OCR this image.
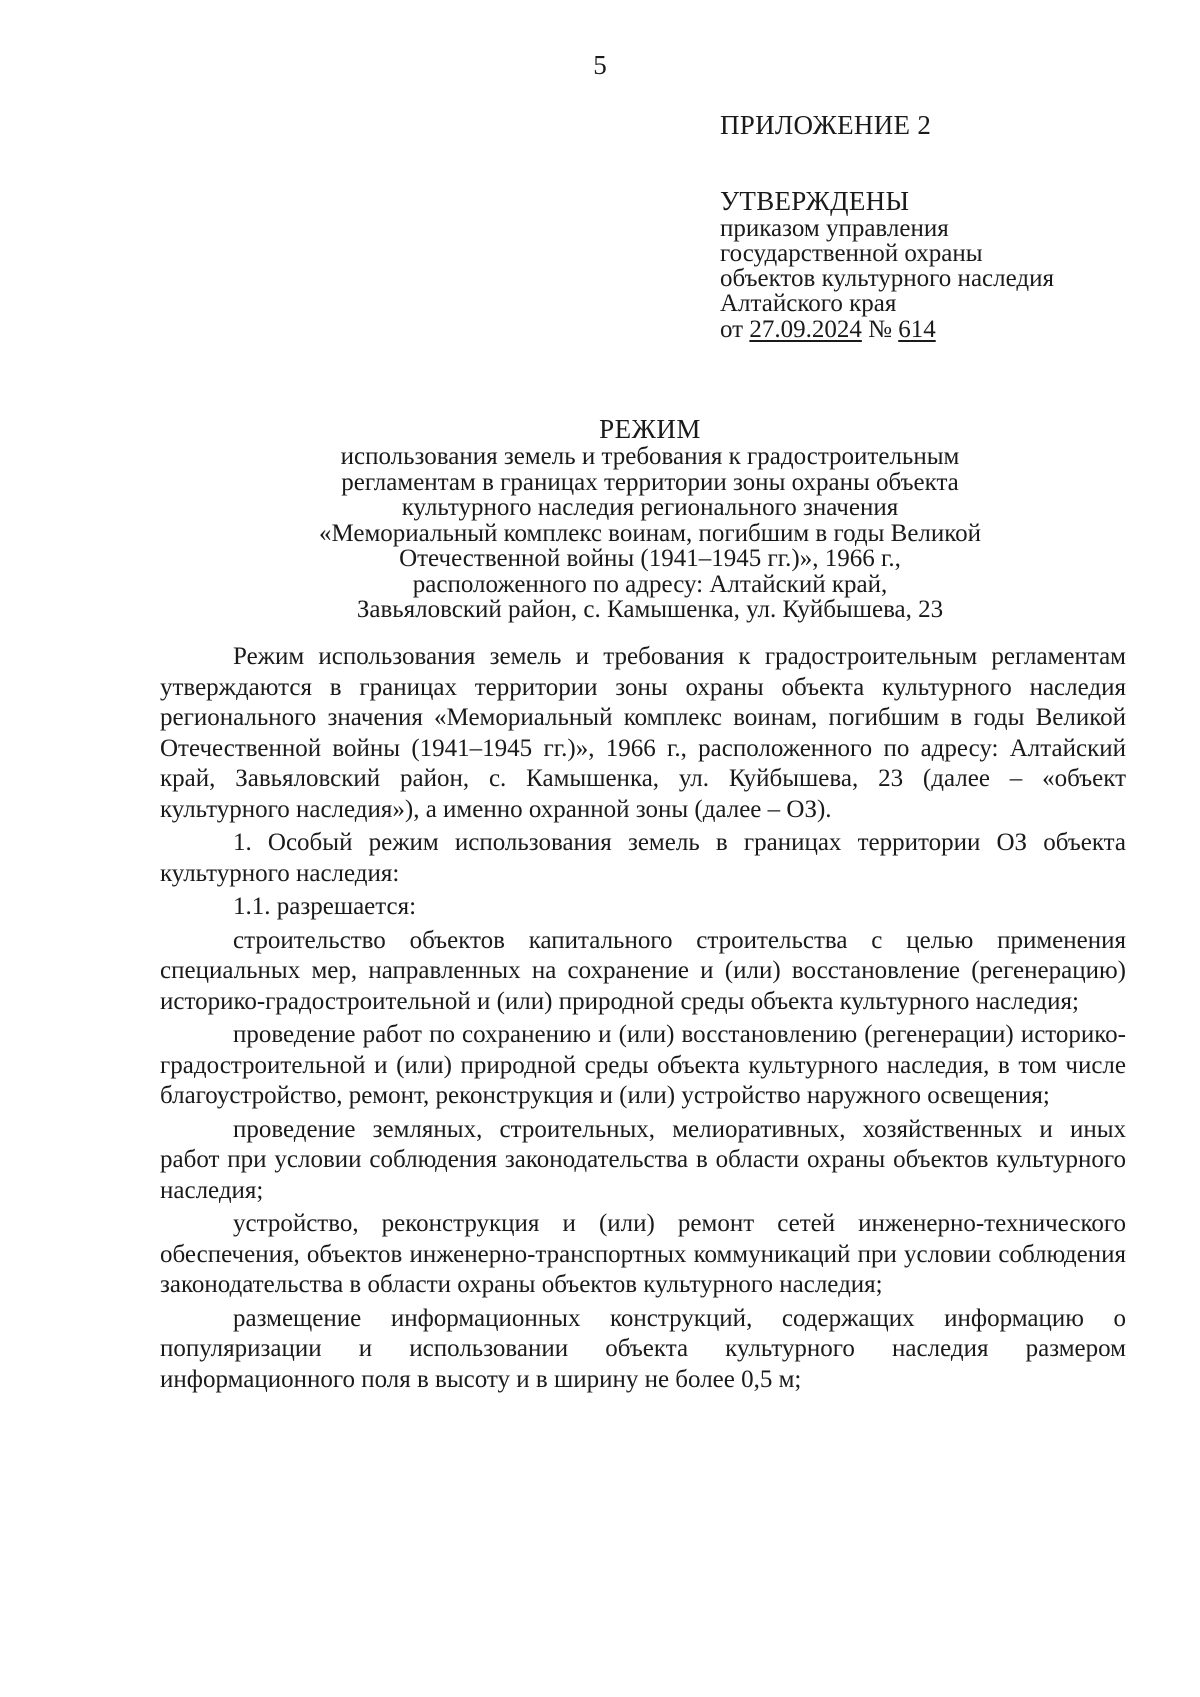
5
ПРИЛОЖЕНИЕ 2
УТВЕРЖДЕНЫ
приказом управления
государственной охраны
объектов культурного наследия
Алтайского края
от 27.09.2024 № 614
РЕЖИМ
использования земель и требования к градостроительным
регламентам в границах территории зоны охраны объекта
культурного наследия регионального значения
«Мемориальный комплекс воинам, погибшим в годы Великой
Отечественной войны (1941–1945 гг.)», 1966 г.,
расположенного по адресу: Алтайский край,
Завьяловский район, с. Камышенка, ул. Куйбышева, 23

Режим использования земель и требования к градостроительным регламентам утверждаются в границах территории зоны охраны объекта культурного наследия регионального значения «Мемориальный комплекс воинам, погибшим в годы Великой Отечественной войны (1941–1945 гг.)», 1966 г., расположенного по адресу: Алтайский край, Завьяловский район, с. Камышенка, ул. Куйбышева, 23 (далее – «объект культурного наследия»), а именно охранной зоны (далее – ОЗ).

1. Особый режим использования земель в границах территории ОЗ объекта культурного наследия:

1.1. разрешается:

строительство объектов капитального строительства с целью применения специальных мер, направленных на сохранение и (или) восстановление (регенерацию) историко-градостроительной и (или) природной среды объекта культурного наследия;

проведение работ по сохранению и (или) восстановлению (регенерации) историко-градостроительной и (или) природной среды объекта культурного наследия, в том числе благоустройство, ремонт, реконструкция и (или) устройство наружного освещения;

проведение земляных, строительных, мелиоративных, хозяйственных и иных работ при условии соблюдения законодательства в области охраны объектов культурного наследия;

устройство, реконструкция и (или) ремонт сетей инженерно-технического обеспечения, объектов инженерно-транспортных коммуникаций при условии соблюдения законодательства в области охраны объектов культурного наследия;

размещение информационных конструкций, содержащих информацию о популяризации и использовании объекта культурного наследия размером информационного поля в высоту и в ширину не более 0,5 м;
